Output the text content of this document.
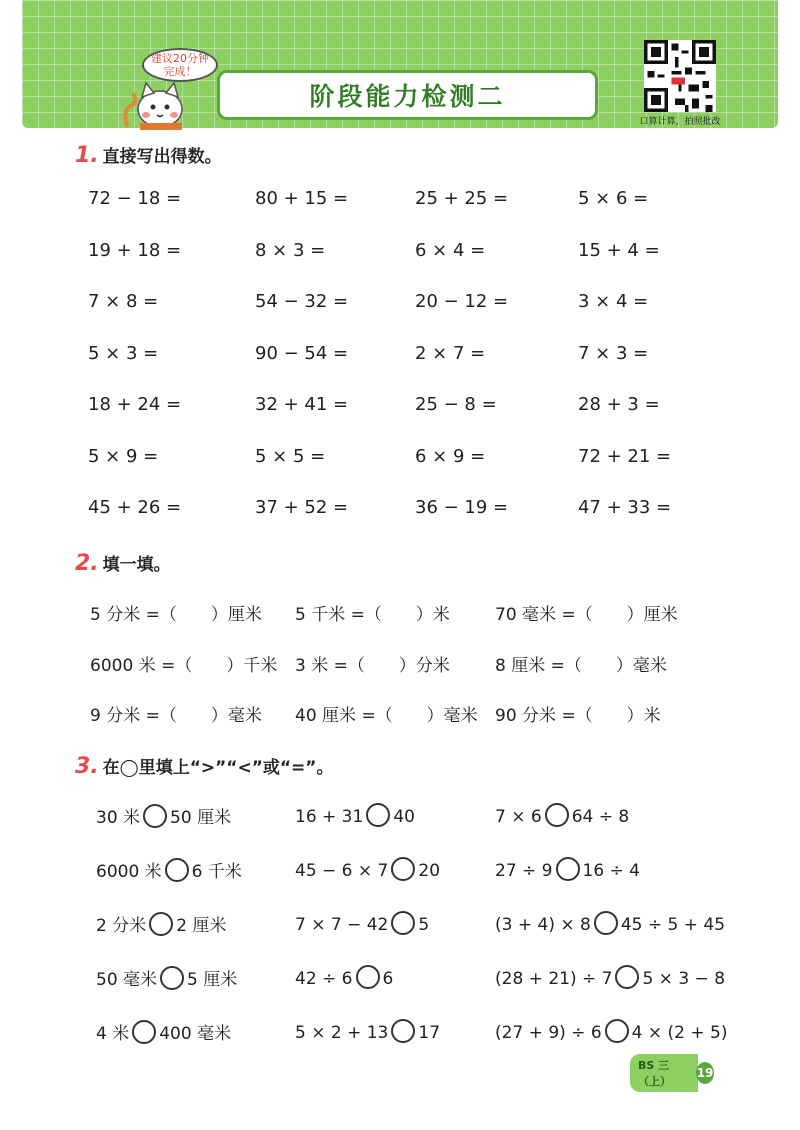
建议20分钟完成！
阶段能力检测二
口算计算，拍照批改
1. 直接写出得数。
72 − 18 =	80 + 15 =	25 + 25 =	5 × 6 =
19 + 18 =	8 × 3 =	6 × 4 =	15 + 4 =
7 × 8 =	54 − 32 =	20 − 12 =	3 × 4 =
5 × 3 =	90 − 54 =	2 × 7 =	7 × 3 =
18 + 24 =	32 + 41 =	25 − 8 =	28 + 3 =
5 × 9 =	5 × 5 =	6 × 9 =	72 + 21 =
45 + 26 =	37 + 52 =	36 − 19 =	47 + 33 =
2. 填一填。
5 分米 =（　　）厘米 5 千米 =（　　）米	70 毫米 =（　　）厘米
6000 米 =（　　）千米 3 米 =（　　）分米	8 厘米 =（　　）毫米
9 分米 =（　　）毫米 40 厘米 =（　　）毫米 90 分米 =（　　）米
3. 在◯里填上“>”“<”或“=”。
30 米 50 厘米	16 + 31 40	7 × 6 64 ÷ 8
6000 米 6 千米	45 − 6 × 7 20	27 ÷ 9 16 ÷ 4
2 分米 2 厘米	7 × 7 − 42 5	(3 + 4) × 8 45 ÷ 5 + 45
50 毫米 5 厘米	42 ÷ 6 6	(28 + 21) ÷ 7 5 × 3 − 8
4 米 400 毫米	5 × 2 + 13 17	(27 + 9) ÷ 6 4 × (2 + 5)
BS 三（上）
19
